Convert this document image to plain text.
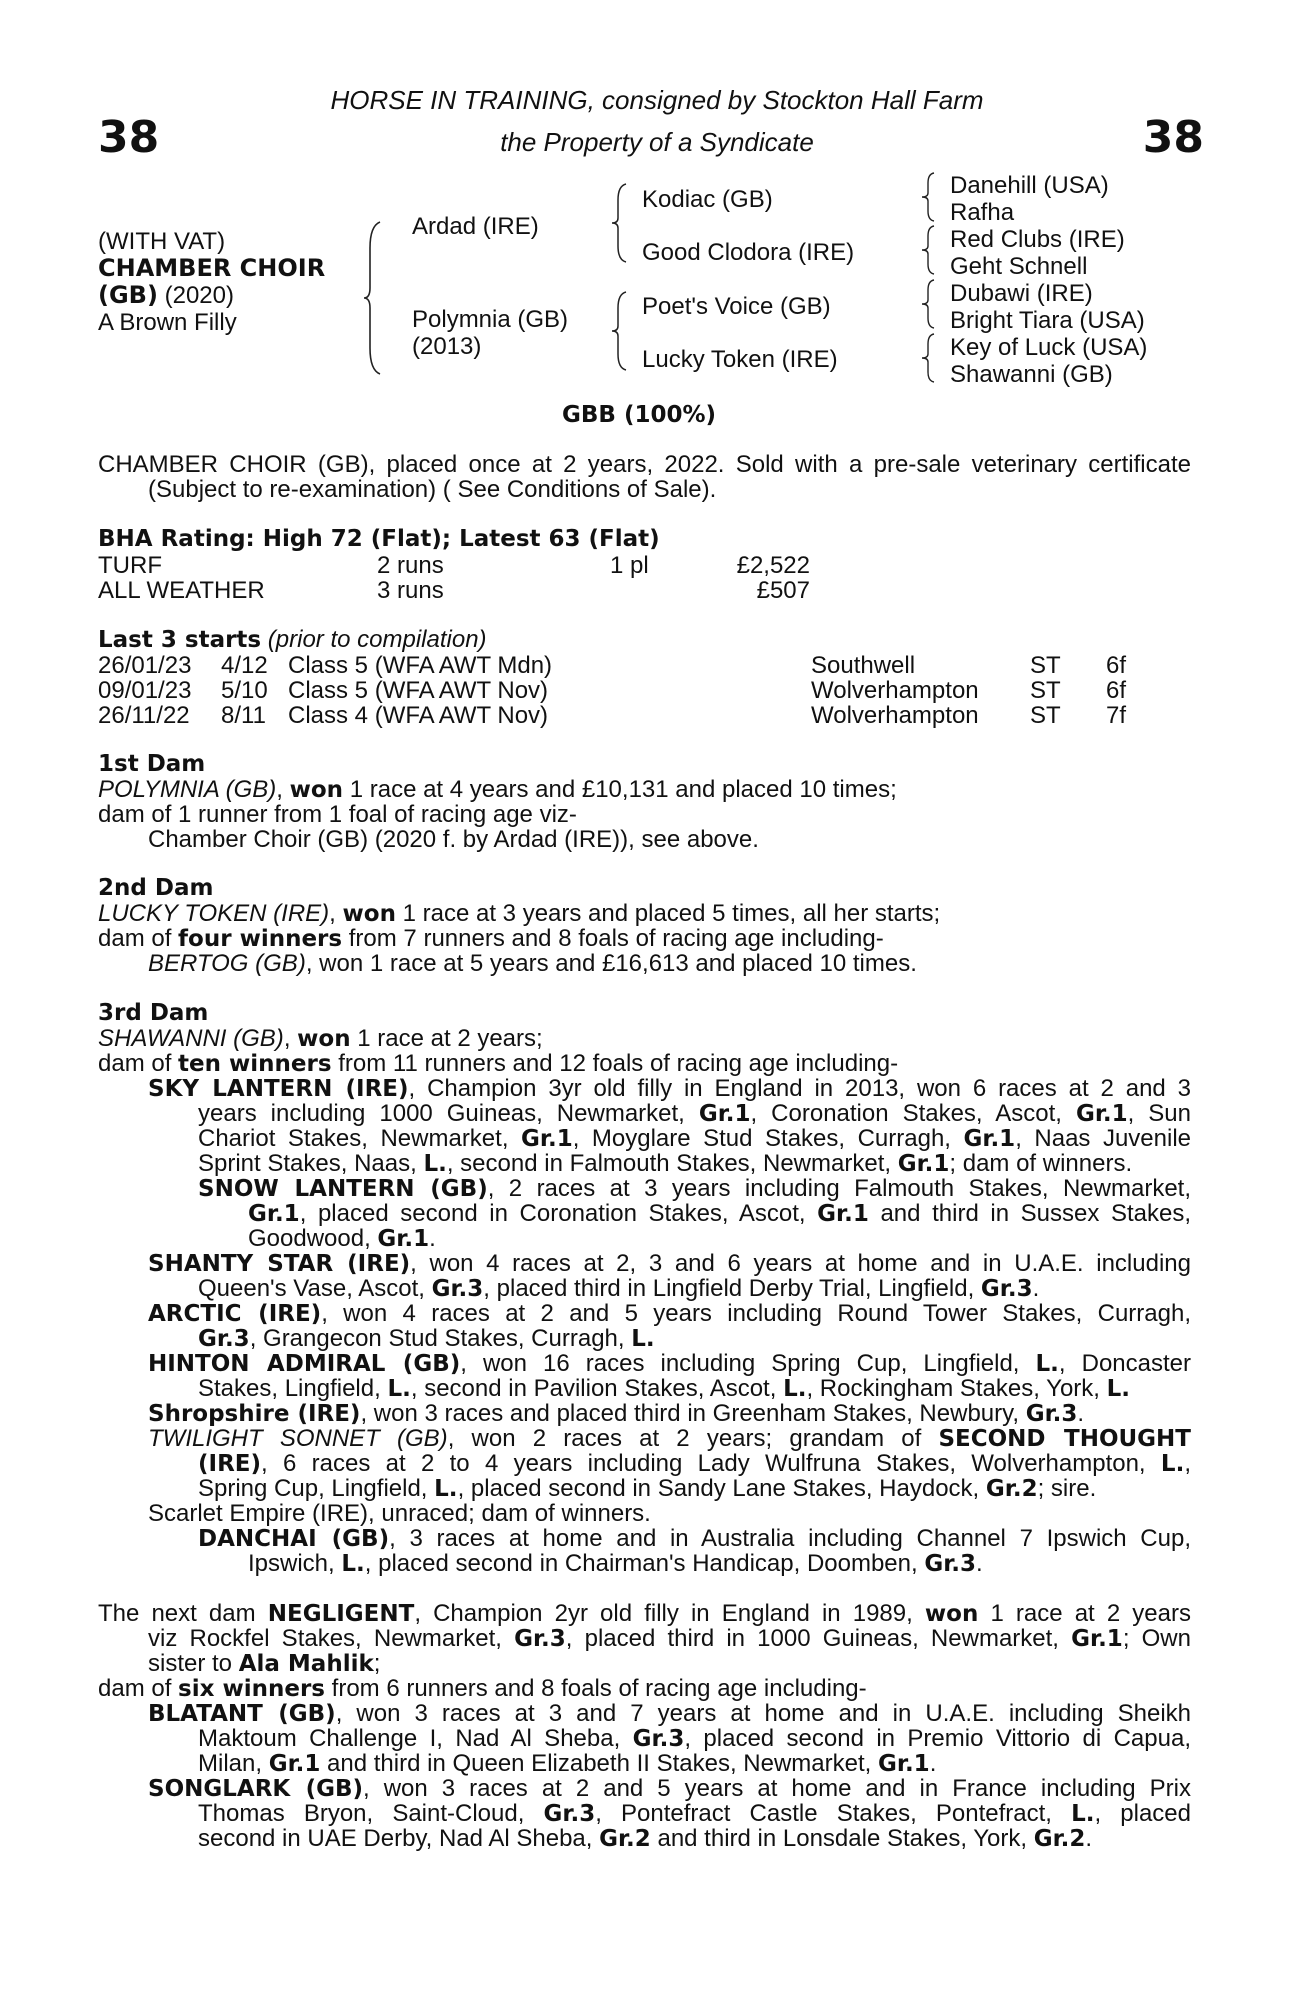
38	38
HORSE IN TRAINING, consigned by Stockton Hall Farm
the Property of a Syndicate
(WITH VAT)
CHAMBER CHOIR
(GB) (2020)
A Brown Filly
Ardad (IRE)
Polymnia (GB)
(2013)
Kodiac (GB)
Good Clodora (IRE)
Poet's Voice (GB)
Lucky Token (IRE)
Danehill (USA)
Rafha
Red Clubs (IRE)
Geht Schnell
Dubawi (IRE)
Bright Tiara (USA)
Key of Luck (USA)
Shawanni (GB)
GBB (100%)
CHAMBER CHOIR (GB), placed once at 2 years, 2022. Sold with a pre-sale veterinary certificate
(Subject to re-examination) ( See Conditions of Sale).
BHA Rating: High 72 (Flat); Latest 63 (Flat)
TURF	2 runs	1 pl	£2,522
ALL WEATHER	3 runs	£507
Last 3 starts (prior to compilation)
26/01/23 4/12 Class 5 (WFA AWT Mdn)	Southwell	ST 6f
09/01/23 5/10 Class 5 (WFA AWT Nov)	Wolverhampton ST 6f
26/11/22 8/11 Class 4 (WFA AWT Nov)	Wolverhampton ST 7f
1st Dam
POLYMNIA (GB), won 1 race at 4 years and £10,131 and placed 10 times;
dam of 1 runner from 1 foal of racing age viz-
Chamber Choir (GB) (2020 f. by Ardad (IRE)), see above.
2nd Dam
LUCKY TOKEN (IRE), won 1 race at 3 years and placed 5 times, all her starts;
dam of four winners from 7 runners and 8 foals of racing age including-
BERTOG (GB), won 1 race at 5 years and £16,613 and placed 10 times.
3rd Dam
SHAWANNI (GB), won 1 race at 2 years;
dam of ten winners from 11 runners and 12 foals of racing age including-
SKY LANTERN (IRE), Champion 3yr old filly in England in 2013, won 6 races at 2 and 3
years including 1000 Guineas, Newmarket, Gr.1, Coronation Stakes, Ascot, Gr.1, Sun
Chariot Stakes, Newmarket, Gr.1, Moyglare Stud Stakes, Curragh, Gr.1, Naas Juvenile
Sprint Stakes, Naas, L., second in Falmouth Stakes, Newmarket, Gr.1; dam of winners.
SNOW LANTERN (GB), 2 races at 3 years including Falmouth Stakes, Newmarket,
Gr.1, placed second in Coronation Stakes, Ascot, Gr.1 and third in Sussex Stakes,
Goodwood, Gr.1.
SHANTY STAR (IRE), won 4 races at 2, 3 and 6 years at home and in U.A.E. including
Queen's Vase, Ascot, Gr.3, placed third in Lingfield Derby Trial, Lingfield, Gr.3.
ARCTIC (IRE), won 4 races at 2 and 5 years including Round Tower Stakes, Curragh,
Gr.3, Grangecon Stud Stakes, Curragh, L.
HINTON ADMIRAL (GB), won 16 races including Spring Cup, Lingfield, L., Doncaster
Stakes, Lingfield, L., second in Pavilion Stakes, Ascot, L., Rockingham Stakes, York, L.
Shropshire (IRE), won 3 races and placed third in Greenham Stakes, Newbury, Gr.3.
TWILIGHT SONNET (GB), won 2 races at 2 years; grandam of SECOND THOUGHT
(IRE), 6 races at 2 to 4 years including Lady Wulfruna Stakes, Wolverhampton, L.,
Spring Cup, Lingfield, L., placed second in Sandy Lane Stakes, Haydock, Gr.2; sire.
Scarlet Empire (IRE), unraced; dam of winners.
DANCHAI (GB), 3 races at home and in Australia including Channel 7 Ipswich Cup,
Ipswich, L., placed second in Chairman's Handicap, Doomben, Gr.3.
The next dam NEGLIGENT, Champion 2yr old filly in England in 1989, won 1 race at 2 years
viz Rockfel Stakes, Newmarket, Gr.3, placed third in 1000 Guineas, Newmarket, Gr.1; Own
sister to Ala Mahlik;
dam of six winners from 6 runners and 8 foals of racing age including-
BLATANT (GB), won 3 races at 3 and 7 years at home and in U.A.E. including Sheikh
Maktoum Challenge I, Nad Al Sheba, Gr.3, placed second in Premio Vittorio di Capua,
Milan, Gr.1 and third in Queen Elizabeth II Stakes, Newmarket, Gr.1.
SONGLARK (GB), won 3 races at 2 and 5 years at home and in France including Prix
Thomas Bryon, Saint-Cloud, Gr.3, Pontefract Castle Stakes, Pontefract, L., placed
second in UAE Derby, Nad Al Sheba, Gr.2 and third in Lonsdale Stakes, York, Gr.2.
